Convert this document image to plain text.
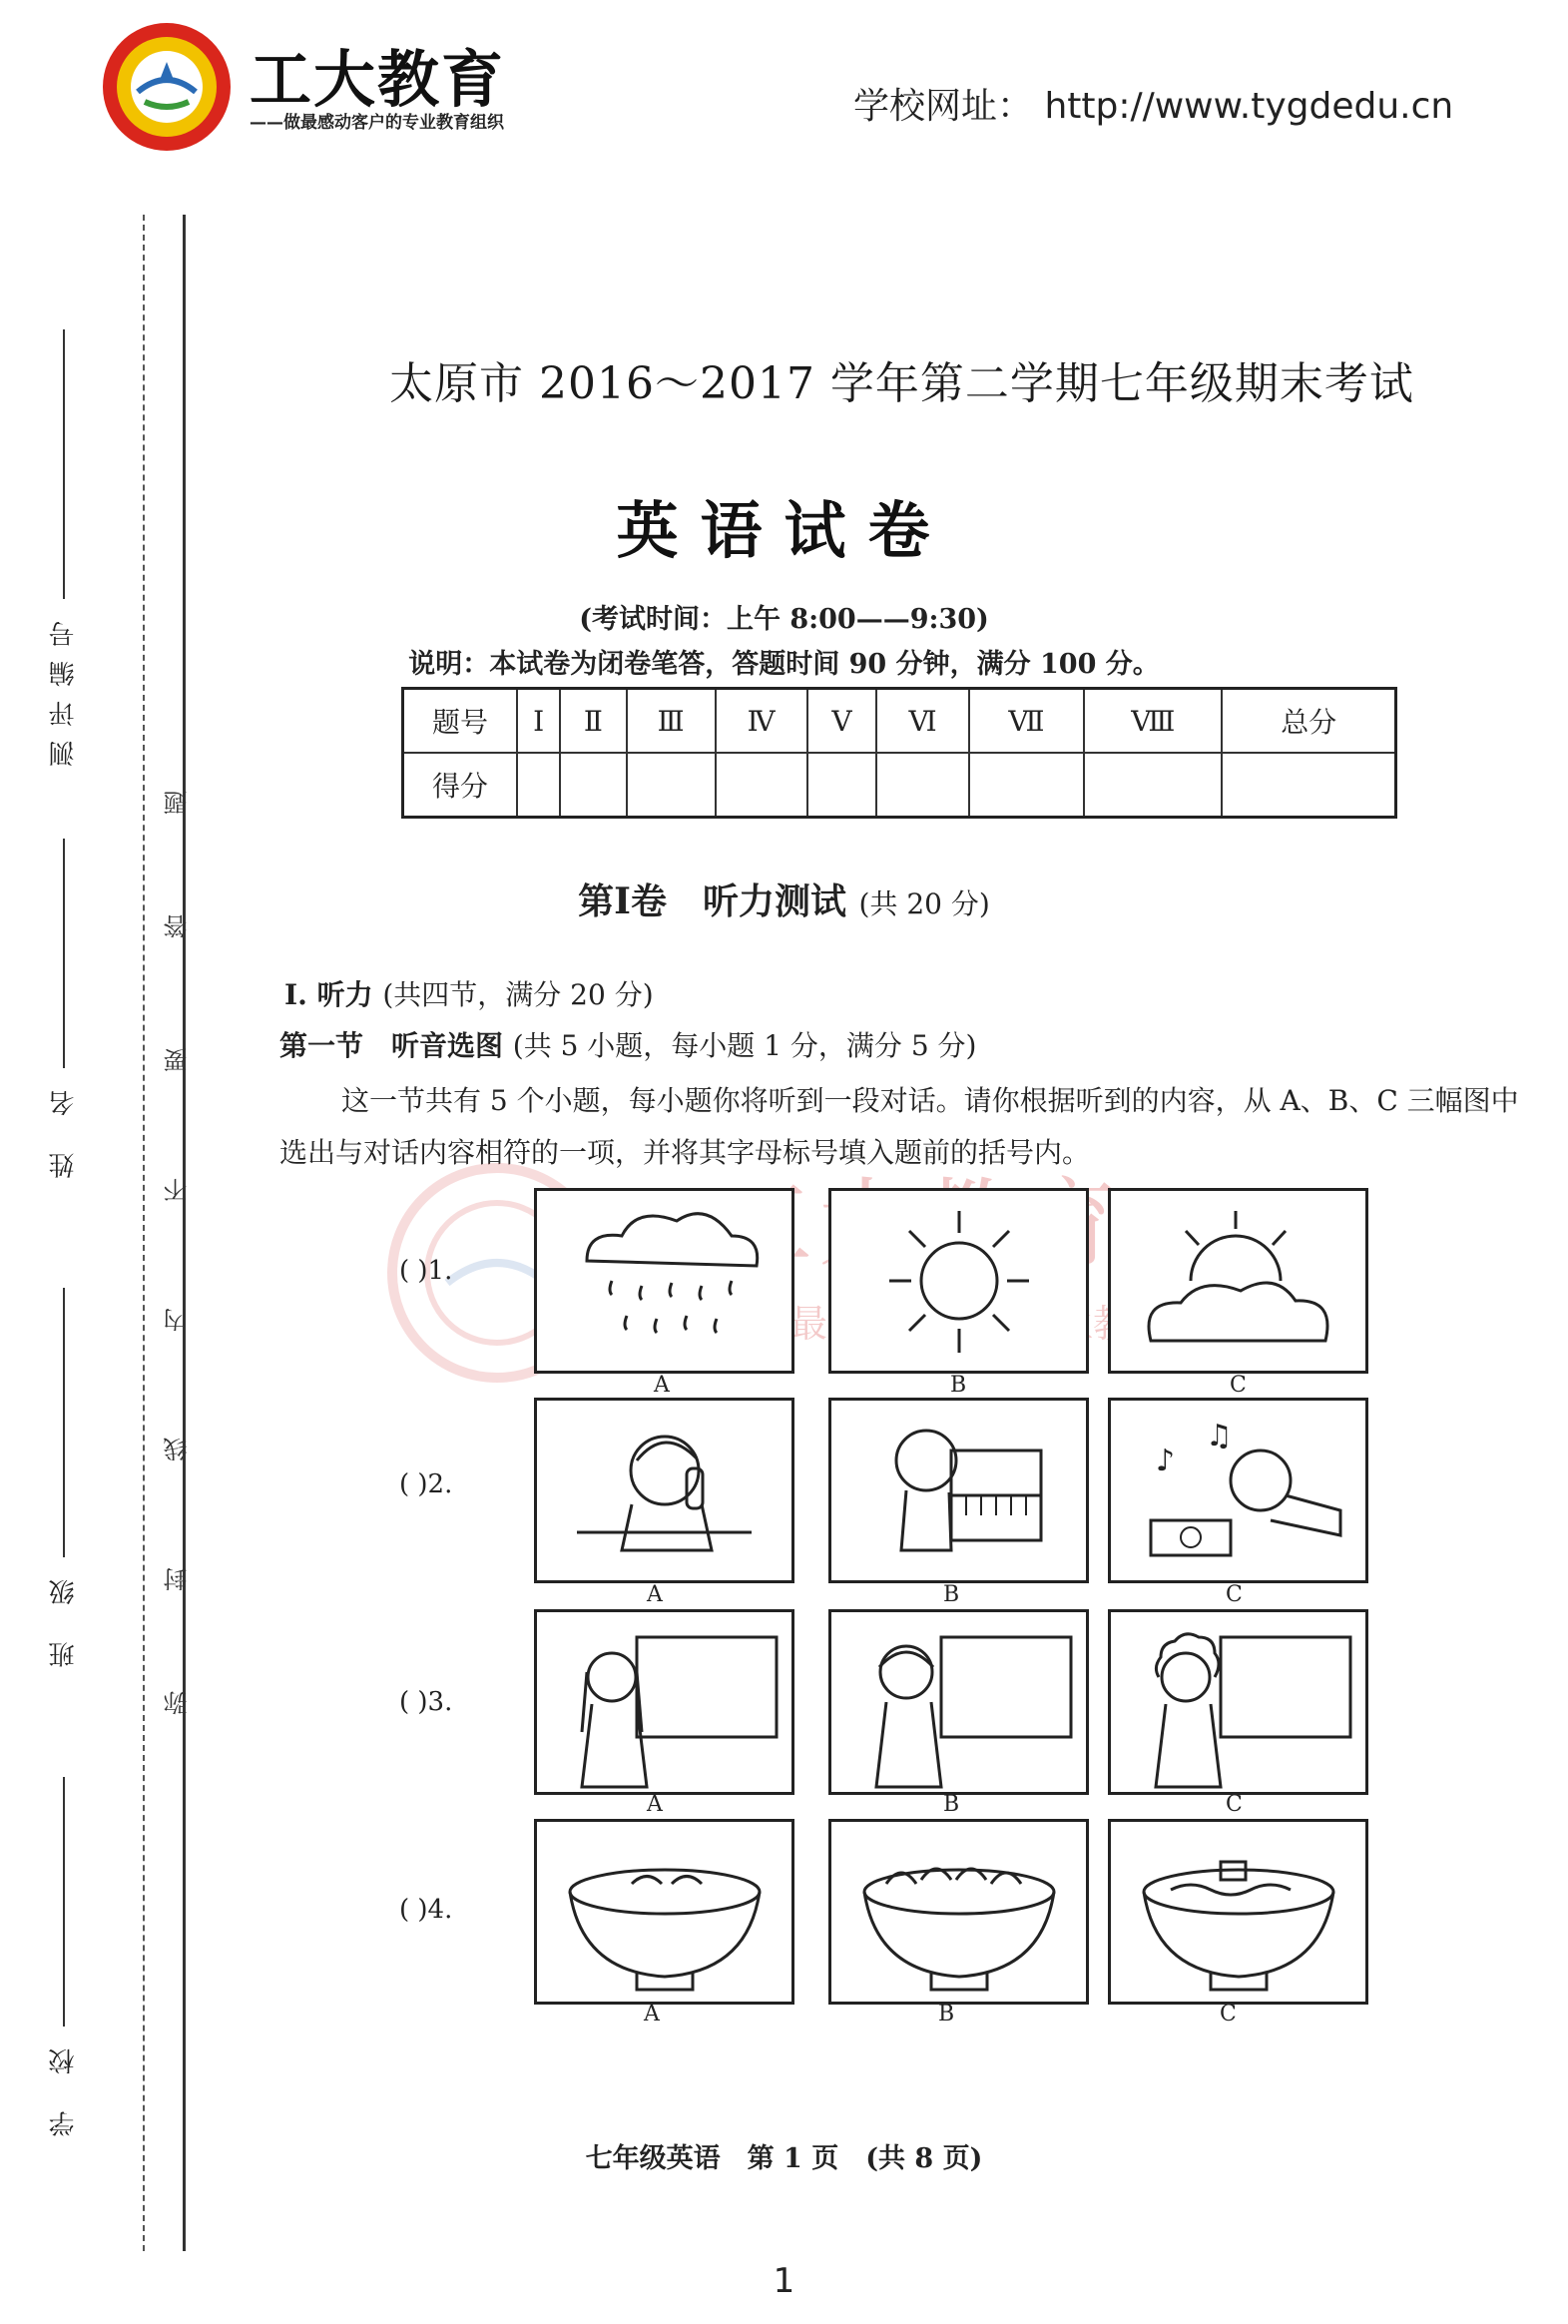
工大教育
——做最感动客户的专业教育组织	学校网址： http://www.tygdedu.cn
测评编号
姓 名
班 级
学 校
题
答
要
不
内
线
封
弥
太原市 2016～2017 学年第二学期七年级期末考试
英语试卷
(考试时间：上午 8:00——9:30)
说明：本试卷为闭卷笔答，答题时间 90 分钟，满分 100 分。
题号	Ⅰ	Ⅱ	Ⅲ	Ⅳ	Ⅴ	Ⅵ	Ⅶ	Ⅷ	总分
得分									
第Ⅰ卷　听力测试 (共 20 分)
Ⅰ. 听力 (共四节，满分 20 分)
第一节　听音选图 (共 5 小题，每小题 1 分，满分 5 分)
这一节共有 5 个小题，每小题你将听到一段对话。请你根据听到的内容，从 A、B、C 三幅图中选出与对话内容相符的一项，并将其字母标号填入题前的括号内。
( )1.
A	B	C
( )2.
♪
♫
A	B	C
( )3.
A	B	C
( )4.
A	B	C
七年级英语　第 1 页　(共 8 页)
1
